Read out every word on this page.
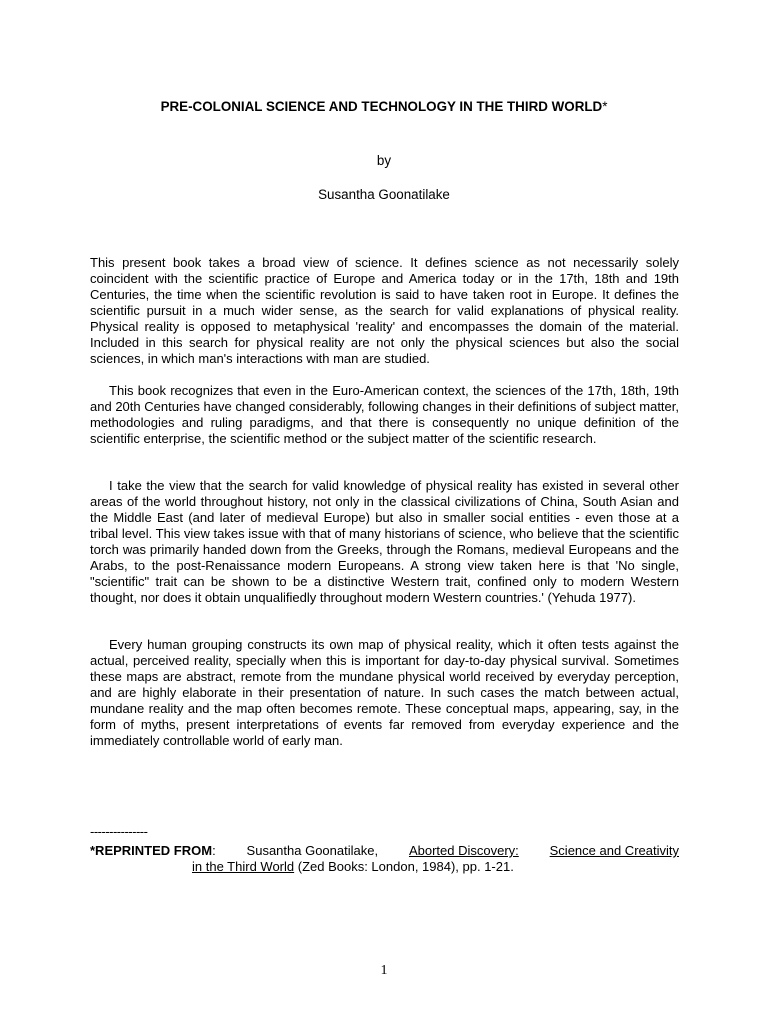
PRE-COLONIAL SCIENCE AND TECHNOLOGY IN THE THIRD WORLD*
by
Susantha Goonatilake

This present book takes a broad view of science. It defines science as not necessarily solely coincident with the scientific practice of Europe and America today or in the 17th, 18th and 19th Centuries, the time when the scientific revolution is said to have taken root in Europe. It defines the scientific pursuit in a much wider sense, as the search for valid explanations of physical reality. Physical reality is opposed to metaphysical 'reality' and encompasses the domain of the material. Included in this search for physical reality are not only the physical sciences but also the social sciences, in which man's interactions with man are studied.

This book recognizes that even in the Euro-American context, the sciences of the 17th, 18th, 19th and 20th Centuries have changed considerably, following changes in their definitions of subject matter, methodologies and ruling paradigms, and that there is consequently no unique definition of the scientific enterprise, the scientific method or the subject matter of the scientific research.

I take the view that the search for valid knowledge of physical reality has existed in several other areas of the world throughout history, not only in the classical civilizations of China, South Asian and the Middle East (and later of medieval Europe) but also in smaller social entities - even those at a tribal level. This view takes issue with that of many historians of science, who believe that the scientific torch was primarily handed down from the Greeks, through the Romans, medieval Europeans and the Arabs, to the post-Renaissance modern Europeans. A strong view taken here is that 'No single, "scientific" trait can be shown to be a distinctive Western trait, confined only to modern Western thought, nor does it obtain unqualifiedly throughout modern Western countries.' (Yehuda 1977).

Every human grouping constructs its own map of physical reality, which it often tests against the actual, perceived reality, specially when this is important for day-to-day physical survival. Sometimes these maps are abstract, remote from the mundane physical world received by everyday perception, and are highly elaborate in their presentation of nature. In such cases the match between actual, mundane reality and the map often becomes remote. These conceptual maps, appearing, say, in the form of myths, present interpretations of events far removed from everyday experience and the immediately controllable world of early man.

---------------
*REPRINTED FROM: Susantha Goonatilake, Aborted Discovery: Science and Creativity
in the Third World (Zed Books: London, 1984), pp. 1-21.
1
